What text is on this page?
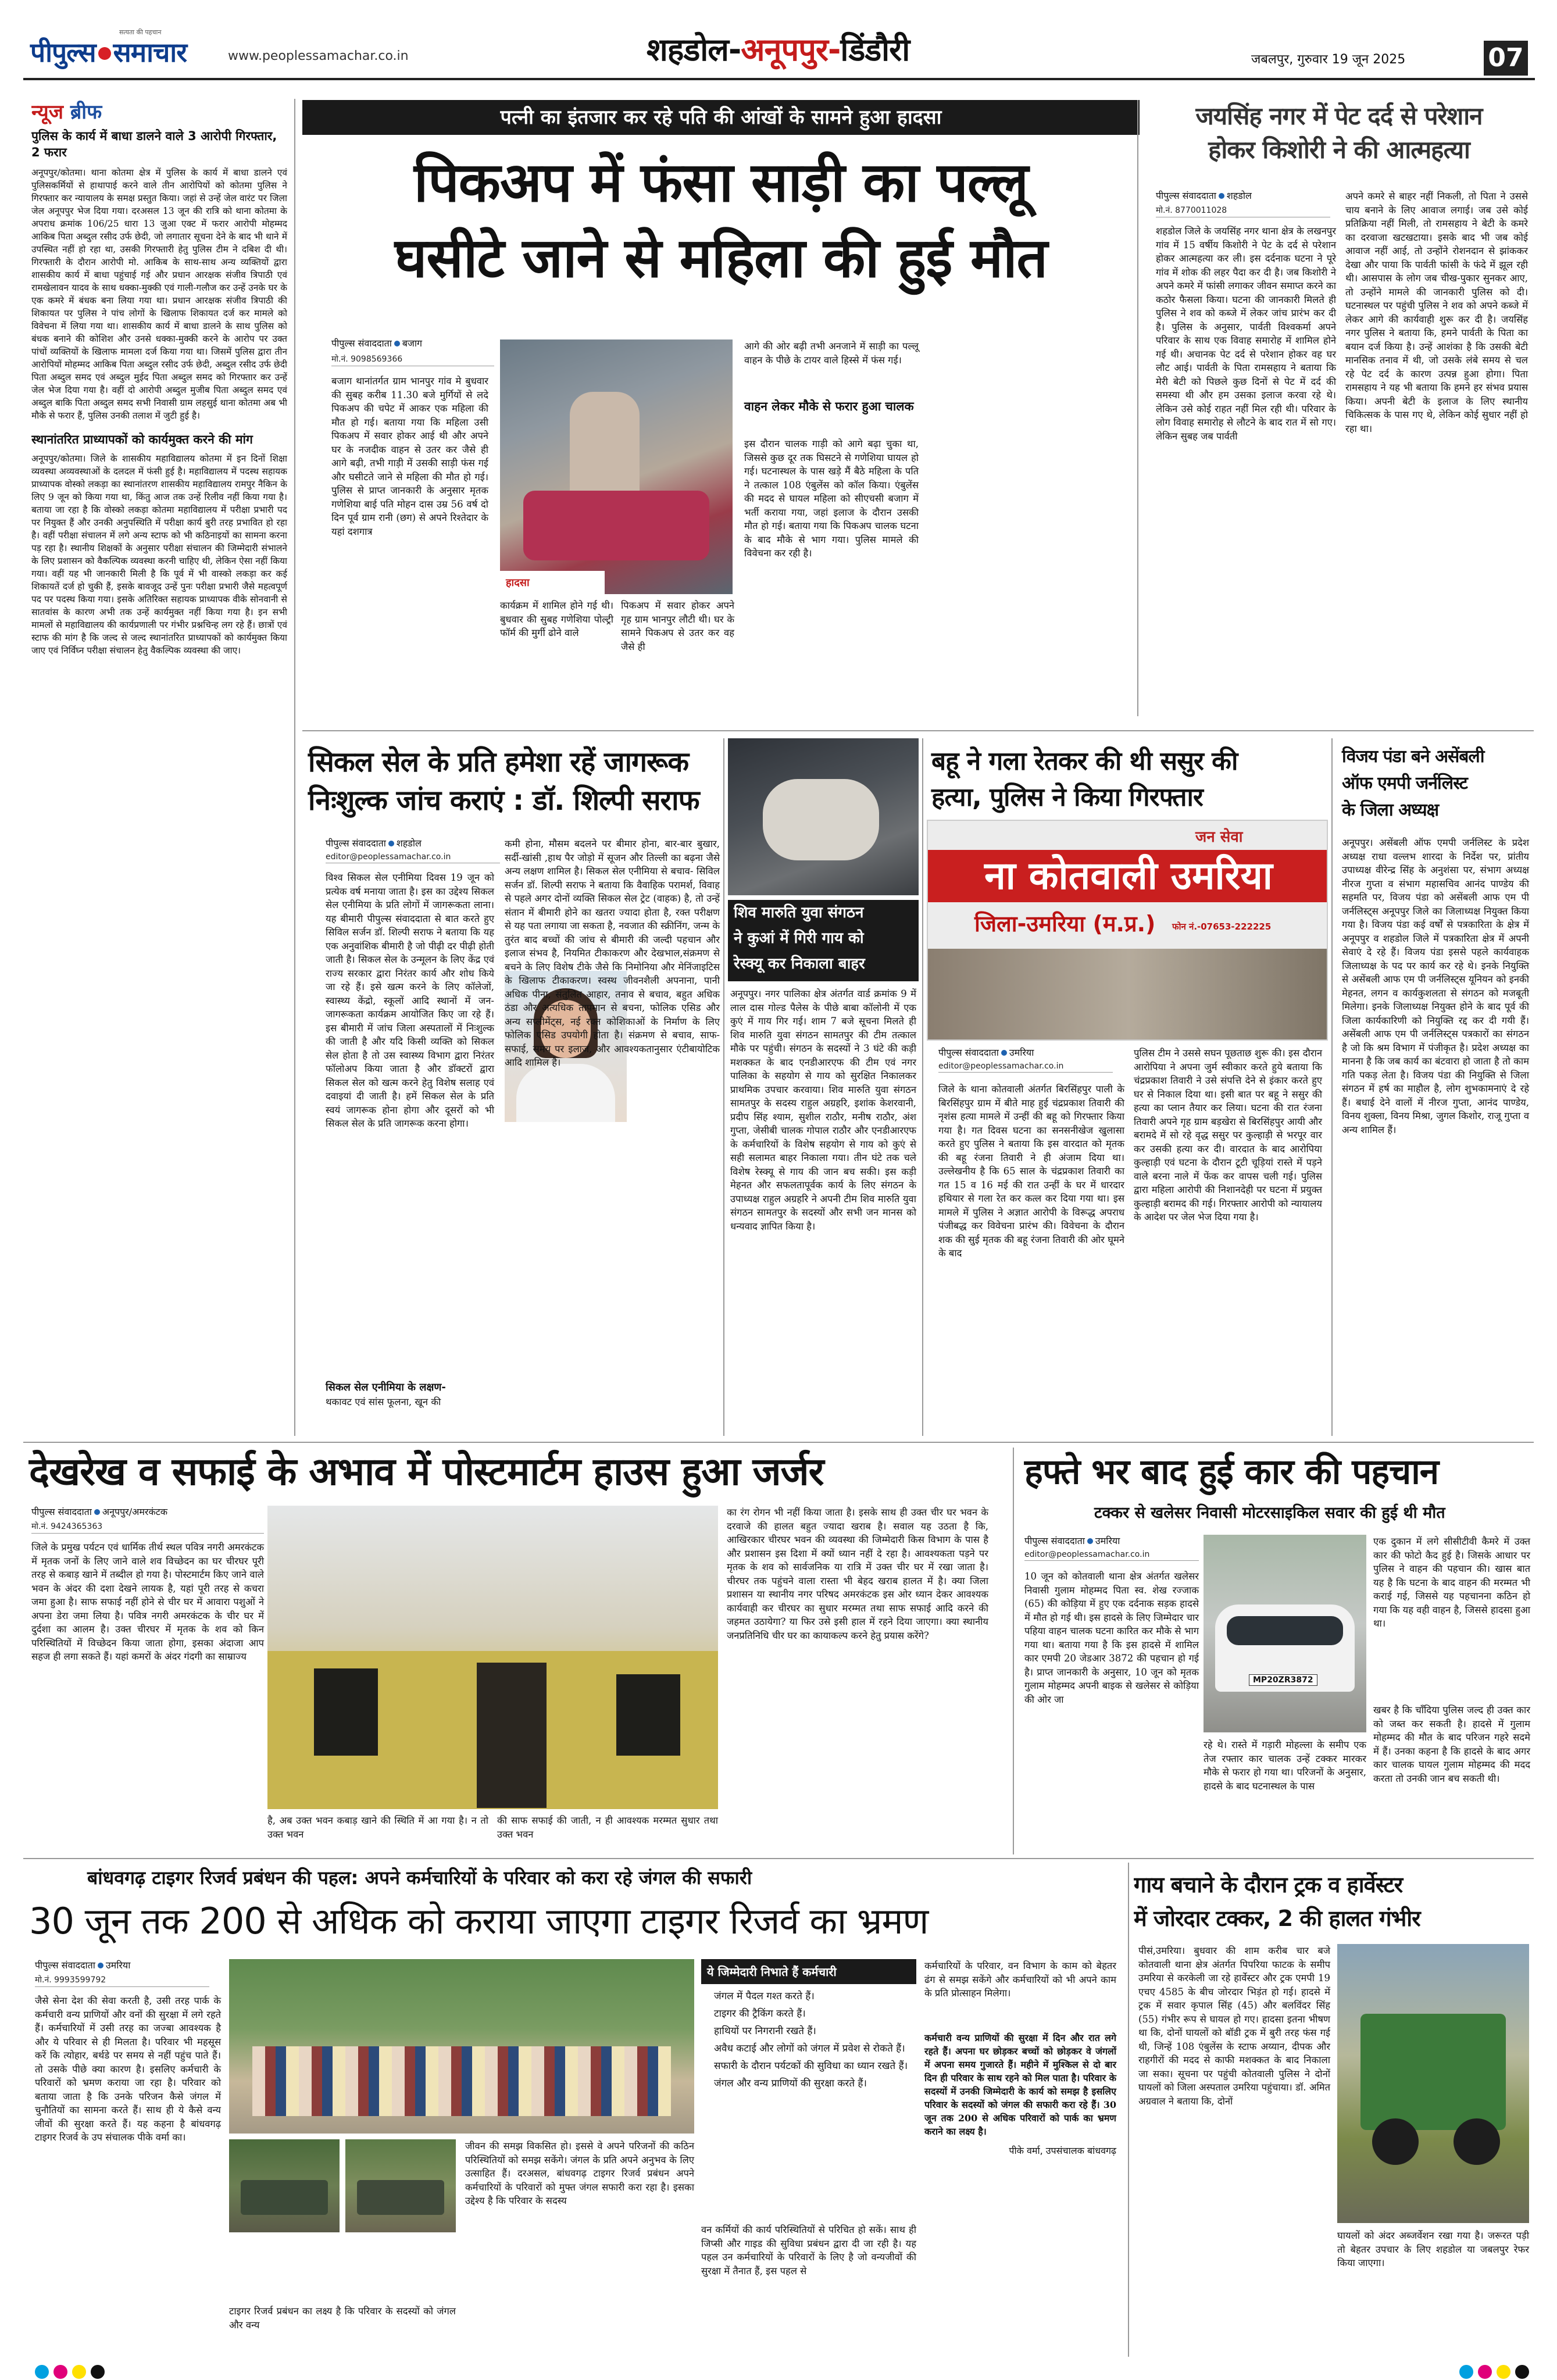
पीपुल्स समाचार
सत्यता की पहचान
www.peoplessamachar.co.in	शहडोल-अनूपपुर-डिंडौरी	जबलपुर, गुरुवार 19 जून 2025	07
न्यूज ब्रीफ
पुलिस के कार्य में बाधा डालने वाले 3 आरोपी गिरफ्तार, 2 फरार
अनूपपुर/कोतमा। थाना कोतमा क्षेत्र में पुलिस के कार्य में बाधा डालने एवं पुलिसकर्मियों से हाथापाई करने वाले तीन आरोपियों को कोतमा पुलिस ने गिरफ्तार कर न्यायालय के समक्ष प्रस्तुत किया। जहां से उन्हें जेल वारंट पर जिला जेल अनूपपुर भेज दिया गया। दरअसल 13 जून की रात्रि को थाना कोतमा के अपराध क्रमांक 106/25 धारा 13 जुआ एक्ट में फरार आरोपी मोहम्मद आकिब पिता अब्दुल रसीद उर्फ छेदी, जो लगातार सूचना देने के बाद भी थाने में उपस्थित नहीं हो रहा था, उसकी गिरफ्तारी हेतु पुलिस टीम ने दबिश दी थी। गिरफ्तारी के दौरान आरोपी मो. आकिब के साथ-साथ अन्य व्यक्तियों द्वारा शासकीय कार्य में बाधा पहुंचाई गई और प्रधान आरक्षक संजीव त्रिपाठी एवं रामखेलावन यादव के साथ धक्का-मुक्की एवं गाली-गलौज कर उन्हें उनके घर के एक कमरे में बंधक बना लिया गया था। प्रधान आरक्षक संजीव त्रिपाठी की शिकायत पर पुलिस ने पांच लोगों के खिलाफ शिकायत दर्ज कर मामले को विवेचना में लिया गया था। शासकीय कार्य में बाधा डालने के साथ पुलिस को बंधक बनाने की कोशिश और उनसे धक्का-मुक्की करने के आरोप पर उक्त पांचों व्यक्तियों के खिलाफ मामला दर्ज किया गया था। जिसमें पुलिस द्वारा तीन आरोपियों मोहम्मद आकिब पिता अब्दुल रसीद उर्फ छेदी, अब्दुल रसीद उर्फ छेदी पिता अब्दुल समद एवं अब्दुल मुईद पिता अब्दुल समद को गिरफ्तार कर उन्हें जेल भेज दिया गया है। वहीं दो आरोपी अब्दुल मुजीब पिता अब्दुल समद एवं अब्दुल बाकि पिता अब्दुल समद सभी निवासी ग्राम लहसुई थाना कोतमा अब भी मौके से फरार हैं, पुलिस उनकी तलाश में जुटी हुई है।
स्थानांतरित प्राध्यापकों को कार्यमुक्त करने की मांग
अनूपपुर/कोतमा। जिले के शासकीय महाविद्यालय कोतमा में इन दिनों शिक्षा व्यवस्था अव्यवस्थाओं के दलदल में फंसी हुई है। महाविद्यालय में पदस्थ सहायक प्राध्यापक वोस्को लकड़ा का स्थानांतरण शासकीय महाविद्यालय रामपुर नैकिन के लिए 9 जून को किया गया था, किंतु आज तक उन्हें रिलीव नहीं किया गया है। बताया जा रहा है कि वोस्को लकड़ा कोतमा महाविद्यालय में परीक्षा प्रभारी पद पर नियुक्त हैं और उनकी अनुपस्थिति में परीक्षा कार्य बुरी तरह प्रभावित हो रहा है। वहीं परीक्षा संचालन में लगे अन्य स्टाफ को भी कठिनाइयों का सामना करना पड़ रहा है। स्थानीय शिक्षकों के अनुसार परीक्षा संचालन की जिम्मेदारी संभालने के लिए प्रशासन को वैकल्पिक व्यवस्था करनी चाहिए थी, लेकिन ऐसा नहीं किया गया। वहीं यह भी जानकारी मिली है कि पूर्व में भी वास्को लकड़ा कर कई शिकायतें दर्ज हो चुकी हैं, इसके बावजूद उन्हें पुनः परीक्षा प्रभारी जैसे महत्वपूर्ण पद पर पदस्थ किया गया। इसके अतिरिक्त सहायक प्राध्यापक वीके सोनवानी से सातवांस के कारण अभी तक उन्हें कार्यमुक्त नहीं किया गया है। इन सभी मामलों से महाविद्यालय की कार्यप्रणाली पर गंभीर प्रश्नचिन्ह लग रहे हैं। छात्रों एवं स्टाफ की मांग है कि जल्द से जल्द स्थानांतरित प्राध्यापकों को कार्यमुक्त किया जाए एवं निर्विघ्न परीक्षा संचालन हेतु वैकल्पिक व्यवस्था की जाए।
पत्नी का इंतजार कर रहे पति की आंखों के सामने हुआ हादसा
पिकअप में फंसा साड़ी का पल्लू
घसीटे जाने से महिला की हुई मौत
पीपुल्स संवाददाता बजाग
मो.नं. 9098569366
बजाग थानांतर्गत ग्राम भानपुर गांव मे बुधवार की सुबह करीब 11.30 बजे मुर्गियों से लदे पिकअप की चपेट में आकर एक महिला की मौत हो गई। बताया गया कि महिला उसी पिकअप में सवार होकर आई थी और अपने घर के नजदीक वाहन से उतर कर जैसे ही आगे बढ़ी, तभी गाड़ी में उसकी साड़ी फंस गई और घसीटते जाने से महिला की मौत हो गई। पुलिस से प्राप्त जानकारी के अनुसार मृतक गणेशिया बाई पति मोहन दास उम्र 56 वर्ष दो दिन पूर्व ग्राम रानी (छग) से अपने रिश्तेदार के यहां दशगात्र
हादसा
कार्यक्रम में शामिल होने गई थी। बुधवार की सुबह गणेशिया पोल्ट्री फॉर्म की मुर्गी ढोने वाले
पिकअप में सवार होकर अपने गृह ग्राम भानपुर लौटी थी। घर के सामने पिकअप से उतर कर वह जैसे ही
आगे की ओर बढ़ी तभी अनजाने में साड़ी का पल्लू वाहन के पीछे के टायर वाले हिस्से में फंस गई।
वाहन लेकर मौके से फरार हुआ चालक
इस दौरान चालक गाड़ी को आगे बढ़ा चुका था, जिससे कुछ दूर तक घिसटने से गणेशिया घायल हो गई। घटनास्थल के पास खड़े मैं बैठे महिला के पति ने तत्काल 108 एंबुलेंस को कॉल किया। एंबुलेंस की मदद से घायल महिला को सीएचसी बजाग में भर्ती कराया गया, जहां इलाज के दौरान उसकी मौत हो गई। बताया गया कि पिकअप चालक घटना के बाद मौके से भाग गया। पुलिस मामले की विवेचना कर रही है।
जयसिंह नगर में पेट दर्द से परेशान
होकर किशोरी ने की आत्महत्या
पीपुल्स संवाददाता शहडोल
मो.नं. 8770011028
शहडोल जिले के जयसिंह नगर थाना क्षेत्र के लखनपुर गांव में 15 वर्षीय किशोरी ने पेट के दर्द से परेशान होकर आत्महत्या कर ली। इस दर्दनाक घटना ने पूरे गांव में शोक की लहर पैदा कर दी है। जब किशोरी ने अपने कमरे में फांसी लगाकर जीवन समाप्त करने का कठोर फैसला किया। घटना की जानकारी मिलते ही पुलिस ने शव को कब्जे में लेकर जांच प्रारंभ कर दी है। पुलिस के अनुसार, पार्वती विश्वकर्मा अपने परिवार के साथ एक विवाह समारोह में शामिल होने गई थी। अचानक पेट दर्द से परेशान होकर वह घर लौट आई। पार्वती के पिता रामसहाय ने बताया कि मेरी बेटी को पिछले कुछ दिनों से पेट में दर्द की समस्या थी और हम उसका इलाज करवा रहे थे। लेकिन उसे कोई राहत नहीं मिल रही थी। परिवार के लोग विवाह समारोह से लौटने के बाद रात में सो गए। लेकिन सुबह जब पार्वती
अपने कमरे से बाहर नहीं निकली, तो पिता ने उससे चाय बनाने के लिए आवाज लगाई। जब उसे कोई प्रतिक्रिया नहीं मिली, तो रामसहाय ने बेटी के कमरे का दरवाजा खटखटाया। इसके बाद भी जब कोई आवाज नहीं आई, तो उन्होंने रोशनदान से झांककर देखा और पाया कि पार्वती फांसी के फंदे में झूल रही थी। आसपास के लोग जब चीख-पुकार सुनकर आए, तो उन्होंने मामले की जानकारी पुलिस को दी। घटनास्थल पर पहुंची पुलिस ने शव को अपने कब्जे में लेकर आगे की कार्यवाही शुरू कर दी है। जयसिंह नगर पुलिस ने बताया कि, हमने पार्वती के पिता का बयान दर्ज किया है। उन्हें आशंका है कि उसकी बेटी मानसिक तनाव में थी, जो उसके लंबे समय से चल रहे पेट दर्द के कारण उत्पन्न हुआ होगा। पिता रामसहाय ने यह भी बताया कि हमने हर संभव प्रयास किया। अपनी बेटी के इलाज के लिए स्थानीय चिकित्सक के पास गए थे, लेकिन कोई सुधार नहीं हो रहा था।
सिकल सेल के प्रति हमेशा रहें जागरूक
निःशुल्क जांच कराएं : डॉ. शिल्पी सराफ
पीपुल्स संवाददाता शहडोल
editor@peoplessamachar.co.in
विश्व सिकल सेल एनीमिया दिवस 19 जून को प्रत्येक वर्ष मनाया जाता है। इस का उद्देश्य सिकल सेल एनीमिया के प्रति लोगों में जागरूकता लाना। यह बीमारी पीपुल्स संवाददाता से बात करते हुए सिविल सर्जन डॉ. शिल्पी सराफ ने बताया कि यह एक अनुवांशिक बीमारी है जो पीढ़ी दर पीढ़ी होती जाती है। सिकल सेल के उन्मूलन के लिए केंद्र एवं राज्य सरकार द्वारा निरंतर कार्य और शोध किये जा रहे हैं। इसे खत्म करने के लिए कॉलेजों, स्वास्थ्य केंद्रो, स्कूलों आदि स्थानों में जन-जागरूकता कार्यक्रम आयोजित किए जा रहे हैं। इस बीमारी में जांच जिला अस्पतालों में निःशुल्क की जाती है और यदि किसी व्यक्ति को सिकल सेल होता है तो उस स्वास्थ्य विभाग द्वारा निरंतर फॉलोअप किया जाता है और डॉक्टरों द्वारा सिकल सेल को खत्म करने हेतु विशेष सलाह एवं दवाइयां दी जाती है। हमें सिकल सेल के प्रति स्वयं जागरूक होना होगा और दूसरों को भी सिकल सेल के प्रति जागरूक करना होगा।
सिकल सेल एनीमिया के लक्षण-
थकावट एवं सांस फूलना, खून की
कमी होना, मौसम बदलने पर बीमार होना, बार-बार बुखार, सर्दी-खांसी ,हाथ पैर जोड़ो में सूजन और तिल्ली का बढ़ना जैसे अन्य लक्षण शामिल है। सिकल सेल एनीमिया से बचाव- सिविल सर्जन डॉ. शिल्पी सराफ ने बताया कि वैवाहिक परामर्श, विवाह से पहले अगर दोनों व्यक्ति सिकल सेल ट्रेट (वाहक) है, तो उन्हें संतान में बीमारी होने का खतरा ज्यादा होता है, रक्त परीक्षण से यह पता लगाया जा सकता है, नवजात की स्क्रीनिंग, जन्म के तुरंत बाद बच्चों की जांच से बीमारी की जल्दी पहचान और इलाज संभव है, नियमित टीकाकरण और देखभाल,संक्रमण से बचने के लिए विशेष टीके जैसे कि निमोनिया और मेनिंजाइटिस के खिलाफ टीकाकरण। स्वस्थ जीवनशैली अपनाना, पानी अधिक पीना, संतुलित आहार, तनाव से बचाव, बहुत अधिक ठंडा और अत्यधिक तापमान से बचना, फोलिक एसिड और अन्य सप्लीमेंट्स, नई रक्त कोशिकाओं के निर्माण के लिए फोलिक एसिड उपयोगी होता है। संक्रमण से बचाव, साफ-सफाई, समय पर इलाज, और आवश्यकतानुसार एंटीबायोटिक आदि शामिल है।
शिव मारुति युवा संगठन
ने कुआं में गिरी गाय को
रेस्क्यू कर निकाला बाहर
अनूपपुर। नगर पालिका क्षेत्र अंतर्गत वार्ड क्रमांक 9 में लाल दास गोल्ड पैलेस के पीछे बाबा कॉलोनी में एक कुएं में गाय गिर गई। शाम 7 बजे सूचना मिलते ही शिव मारुति युवा संगठन सामतपुर की टीम तत्काल मौके पर पहुंची। संगठन के सदस्यों ने 3 घंटे की कड़ी मशक्कत के बाद एनडीआरएफ की टीम एवं नगर पालिका के सहयोग से गाय को सुरक्षित निकालकर प्राथमिक उपचार करवाया। शिव मारुति युवा संगठन सामतपुर के सदस्य राहुल अग्रहरि, इशांक केशरवानी, प्रदीप सिंह श्याम, सुशील राठौर, मनीष राठौर, अंश गुप्ता, जेसीबी चालक गोपाल राठौर और एनडीआरएफ के कर्मचारियों के विशेष सहयोग से गाय को कुएं से सही सलामत बाहर निकाला गया। तीन घंटे तक चले विशेष रेस्क्यू से गाय की जान बच सकी। इस कड़ी मेहनत और सफलतापूर्वक कार्य के लिए संगठन के उपाध्यक्ष राहुल अग्रहरि ने अपनी टीम शिव मारुति युवा संगठन सामतपुर के सदस्यों और सभी जन मानस को धन्यवाद ज्ञापित किया है।
बहू ने गला रेतकर की थी ससुर की
हत्या, पुलिस ने किया गिरफ्तार
जन सेवा
ना कोतवाली उमरिया
जिला-उमरिया (म.प्र.) फोन नं.-07653-222225
पीपुल्स संवाददाता उमरिया
editor@peoplessamachar.co.in
जिले के थाना कोतवाली अंतर्गत बिरसिंहपुर पाली के बिरसिंहपुर ग्राम में बीते माह हुई चंद्रप्रकाश तिवारी की नृशंस हत्या मामले में उन्हीं की बहू को गिरफ्तार किया गया है। गत दिवस घटना का सनसनीखेज खुलासा करते हुए पुलिस ने बताया कि इस वारदात को मृतक की बहू रंजना तिवारी ने ही अंजाम दिया था। उल्लेखनीय है कि 65 साल के चंद्रप्रकाश तिवारी का गत 15 व 16 मई की रात उन्हीं के घर में धारदार हथियार से गला रेत कर कत्ल कर दिया गया था। इस मामले में पुलिस ने अज्ञात आरोपी के विरूद्ध अपराध पंजीबद्ध कर विवेचना प्रारंभ की। विवेचना के दौरान शक की सुई मृतक की बहू रंजना तिवारी की ओर घूमने के बाद
पुलिस टीम ने उससे सघन पूछताछ शुरू की। इस दौरान आरोपिया ने अपना जुर्म स्वीकार करते हुये बताया कि चंद्रप्रकाश तिवारी ने उसे संपत्ति देने से इंकार करते हुए घर से निकाल दिया था। इसी बात पर बहू ने ससुर की हत्या का प्लान तैयार कर लिया। घटना की रात रंजना तिवारी अपने गृह ग्राम बड़खेरा से बिरसिंहपुर आयी और बरामदे में सो रहे वृद्ध ससुर पर कुल्हाड़ी से भरपूर वार कर उसकी हत्या कर दी। वारदात के बाद आरोपिया कुल्हाड़ी एवं घटना के दौरान टूटी चूड़ियां रास्ते में पड़ने वाले बरना नाले में फेंक कर वापस चली गई। पुलिस द्वारा महिला आरोपी की निशानदेही पर घटना में प्रयुक्त कुल्हाड़ी बरामद की गई। गिरफ्तार आरोपी को न्यायालय के आदेश पर जेल भेज दिया गया है।
विजय पंडा बने असेंबली
ऑफ एमपी जर्नलिस्ट
के जिला अध्यक्ष
अनूपपुर। असेंबली ऑफ एमपी जर्नलिस्ट के प्रदेश अध्यक्ष राधा वल्लभ शारदा के निर्देश पर, प्रांतीय उपाध्यक्ष वीरेन्द्र सिंह के अनुशंसा पर, संभाग अध्यक्ष नीरज गुप्ता व संभाग महासचिव आनंद पाण्डेय की सहमति पर, विजय पंडा को असेंबली आफ एम पी जर्नलिस्ट्स अनूपपुर जिले का जिलाध्यक्ष नियुक्त किया गया है। विजय पंडा कई वर्षों से पत्रकारिता के क्षेत्र में अनूपपुर व शहडोल जिले में पत्रकारिता क्षेत्र में अपनी सेवाएं दे रहे हैं। विजय पंडा इससे पहले कार्यवाहक जिलाध्यक्ष के पद पर कार्य कर रहे थे। इनके नियुक्ति से असेंबली आफ एम पी जर्नलिस्ट्स यूनियन को इनकी मेहनत, लगन व कार्यकुशलता से संगठन को मजबूती मिलेगा। इनके जिलाध्यक्ष नियुक्त होने के बाद पूर्व की जिला कार्यकारिणी को नियुक्ति रद्द कर दी गयी हैं। असेंबली आफ एम पी जर्नलिस्ट्स पत्रकारों का संगठन है जो कि श्रम विभाग में पंजीकृत है। प्रदेश अध्यक्ष का मानना है कि जब कार्य का बंटवारा हो जाता है तो काम गति पकड़ लेता है। विजय पंडा की नियुक्ति से जिला संगठन में हर्ष का माहौल है, लोग शुभकामनाएं दे रहे हैं। बधाई देने वालों में नीरज गुप्ता, आनंद पाण्डेय, विनय शुक्ला, विनय मिश्रा, जुगल किशोर, राजू गुप्ता व अन्य शामिल हैं।
देखरेख व सफाई के अभाव में पोस्टमार्टम हाउस हुआ जर्जर
पीपुल्स संवाददाता अनूपपुर/अमरकंटक
मो.नं. 9424365363
जिले के प्रमुख पर्यटन एवं धार्मिक तीर्थ स्थल पवित्र नगरी अमरकंटक में मृतक जनों के लिए जाने वाले शव विच्छेदन का घर चीरघर पूरी तरह से कबाड़ खाने में तब्दील हो गया है। पोस्टमार्टम किए जाने वाले भवन के अंदर की दशा देखने लायक है, यहां पूरी तरह से कचरा जमा हुआ है। साफ सफाई नहीं होने से चीर घर में आवारा पशुओं ने अपना डेरा जमा लिया है। पवित्र नगरी अमरकंटक के चीर घर में दुर्दशा का आलम है। उक्त चीरघर में मृतक के शव को किन परिस्थितियों में विच्छेदन किया जाता होगा, इसका अंदाजा आप सहज ही लगा सकते हैं। यहां कमरों के अंदर गंदगी का साम्राज्य
है, अब उक्त भवन कबाड़ खाने की स्थिति में आ गया है। न तो उक्त भवन
की साफ सफाई की जाती, न ही आवश्यक मरम्मत सुधार तथा उक्त भवन
का रंग रोगन भी नहीं किया जाता है। इसके साथ ही उक्त चीर घर भवन के दरवाजे की हालत बहुत ज्यादा खराब है। सवाल यह उठता है कि, आखिरकार चीरघर भवन की व्यवस्था की जिम्मेदारी किस विभाग के पास है और प्रशासन इस दिशा में क्यों ध्यान नहीं दे रहा है। आवश्यकता पड़ने पर मृतक के शव को सार्वजनिक या रात्रि में उक्त चीर घर में रखा जाता है। चीरघर तक पहुंचने वाला रास्ता भी बेहद खराब हालत में है। क्या जिला प्रशासन या स्थानीय नगर परिषद अमरकंटक इस ओर ध्यान देकर आवश्यक कार्यवाही कर चीरघर का सुधार मरम्मत तथा साफ सफाई आदि करने की जहमत उठायेगा? या फिर उसे इसी हाल में रहने दिया जाएगा। क्या स्थानीय जनप्रतिनिधि चीर घर का कायाकल्प करने हेतु प्रयास करेंगे?
हफ्ते भर बाद हुई कार की पहचान
टक्कर से खलेसर निवासी मोटरसाइकिल सवार की हुई थी मौत
पीपुल्स संवाददाता उमरिया
editor@peoplessamachar.co.in
10 जून को कोतवाली थाना क्षेत्र अंतर्गत खलेसर निवासी गुलाम मोहम्मद पिता स्व. शेख रज्जाक (65) की कोड़िया में हुए एक दर्दनाक सड़क हादसे में मौत हो गई थी। इस हादसे के लिए जिम्मेदार चार पहिया वाहन चालक घटना कारित कर मौके से भाग गया था। बताया गया है कि इस हादसे में शामिल कार एमपी 20 जेडआर 3872 की पहचान हो गई है। प्राप्त जानकारी के अनुसार, 10 जून को मृतक गुलाम मोहम्मद अपनी बाइक से खलेसर से कोड़िया की ओर जा
MP20ZR3872
रहे थे। रास्ते में गड़ारी मोहल्ला के समीप एक तेज रफ्तार कार चालक उन्हें टक्कर मारकर मौके से फरार हो गया था। परिजनों के अनुसार, हादसे के बाद घटनास्थल के पास
एक दुकान में लगे सीसीटीवी कैमरे में उक्त कार की फोटो कैद हुई है। जिसके आधार पर पुलिस ने वाहन की पहचान की। खास बात यह है कि घटना के बाद वाहन की मरम्मत भी कराई गई, जिससे यह पहचानना कठिन हो गया कि यह वही वाहन है, जिससे हादसा हुआ था।
खबर है कि चाँदिया पुलिस जल्द ही उक्त कार को जब्त कर सकती है। हादसे में गुलाम मोहम्मद की मौत के बाद परिजन गहरे सदमे में हैं। उनका कहना है कि हादसे के बाद अगर कार चालक घायल गुलाम मोहम्मद की मदद करता तो उनकी जान बच सकती थी।
बांधवगढ़ टाइगर रिजर्व प्रबंधन की पहल: अपने कर्मचारियों के परिवार को करा रहे जंगल की सफारी
30 जून तक 200 से अधिक को कराया जाएगा टाइगर रिजर्व का भ्रमण
पीपुल्स संवाददाता उमरिया
मो.नं. 9993599792
जैसे सेना देश की सेवा करती है, उसी तरह पार्क के कर्मचारी वन्य प्राणियों और वनों की सुरक्षा में लगे रहते हैं। कर्मचारियों में उसी तरह का जज्बा आवश्यक है और ये परिवार से ही मिलता है। परिवार भी महसूस करें कि त्योहार, बर्थडे पर समय से नहीं पहुंच पाते हैं। तो उसके पीछे क्या कारण है। इसलिए कर्मचारी के परिवारों को भ्रमण कराया जा रहा है। परिवार को बताया जाता है कि उनके परिजन कैसे जंगल में चुनौतियों का सामना करते हैं। साथ ही ये कैसे वन्य जीवों की सुरक्षा करते हैं। यह कहना है बांधवगढ़ टाइगर रिजर्व के उप संचालक पीके वर्मा का।
टाइगर रिजर्व प्रबंधन का लक्ष्य है कि परिवार के सदस्यों को जंगल और वन्य
जीवन की समझ विकसित हो। इससे वे अपने परिजनों की कठिन परिस्थितियों को समझ सकेंगे। जंगल के प्रति अपने अनुभव के लिए उत्साहित हैं। दरअसल, बांधवगढ़ टाइगर रिजर्व प्रबंधन अपने कर्मचारियों के परिवारों को मुफ्त जंगल सफारी करा रहा है। इसका उद्देश्य है कि परिवार के सदस्य
ये जिम्मेदारी निभाते हैं कर्मचारी
जंगल में पैदल गश्त करते हैं।
टाइगर की ट्रैकिंग करते हैं।
हाथियों पर निगरानी रखते हैं।
अवैध कटाई और लोगों को जंगल में प्रवेश से रोकते हैं।
सफारी के दौरान पर्यटकों की सुविधा का ध्यान रखते हैं।
जंगल और वन्य प्राणियों की सुरक्षा करते हैं।
वन कर्मियों की कार्य परिस्थितियों से परिचित हो सकें। साथ ही जिप्सी और गाइड की सुविधा प्रबंधन द्वारा दी जा रही है। यह पहल उन कर्मचारियों के परिवारों के लिए है जो वन्यजीवों की सुरक्षा में तैनात हैं, इस पहल से
कर्मचारियों के परिवार, वन विभाग के काम को बेहतर ढंग से समझ सकेंगे और कर्मचारियों को भी अपने काम के प्रति प्रोत्साहन मिलेगा।
कर्मचारी वन्य प्राणियों की सुरक्षा में दिन और रात लगे रहते हैं। अपना घर छोड़कर बच्चों को छोड़कर वे जंगलों में अपना समय गुजारते हैं। महीने में मुश्किल से दो बार दिन ही परिवार के साथ रहने को मिल पाता है। परिवार के सदस्यों में उनकी जिम्मेदारी के कार्य को समझ है इसलिए परिवार के सदस्यों को जंगल की सफारी करा रहे हैं। 30 जून तक 200 से अधिक परिवारों को पार्क का भ्रमण कराने का लक्ष्य है।
पीके वर्मा, उपसंचालक बांधवगढ़
गाय बचाने के दौरान ट्रक व हार्वेस्टर
में जोरदार टक्कर, 2 की हालत गंभीर
पीसं,उमरिया। बुधवार की शाम करीब चार बजे कोतवाली थाना क्षेत्र अंतर्गत पिपरिया फाटक के समीप उमरिया से करकेली जा रहे हार्वेस्टर और ट्रक एमपी 19 एचए 4585 के बीच जोरदार भिड़ंत हो गई। हादसे में ट्रक में सवार कृपाल सिंह (45) और बलविंदर सिंह (55) गंभीर रूप से घायल हो गए। हादसा इतना भीषण था कि, दोनों घायलों को बॉडी ट्रक में बुरी तरह फंस गई थी, जिन्हें 108 एंबुलेंस के स्टाफ अय्यान, दीपक और राहगीरों की मदद से काफी मशक्कत के बाद निकाला जा सका। सूचना पर पहुंची कोतवाली पुलिस ने दोनों घायलों को जिला अस्पताल उमरिया पहुंचाया। डॉ. अमित अग्रवाल ने बताया कि, दोनों
घायलों को अंदर अब्जर्वेशन रखा गया है। जरूरत पड़ी तो बेहतर उपचार के लिए शहडोल या जबलपुर रेफर किया जाएगा।
